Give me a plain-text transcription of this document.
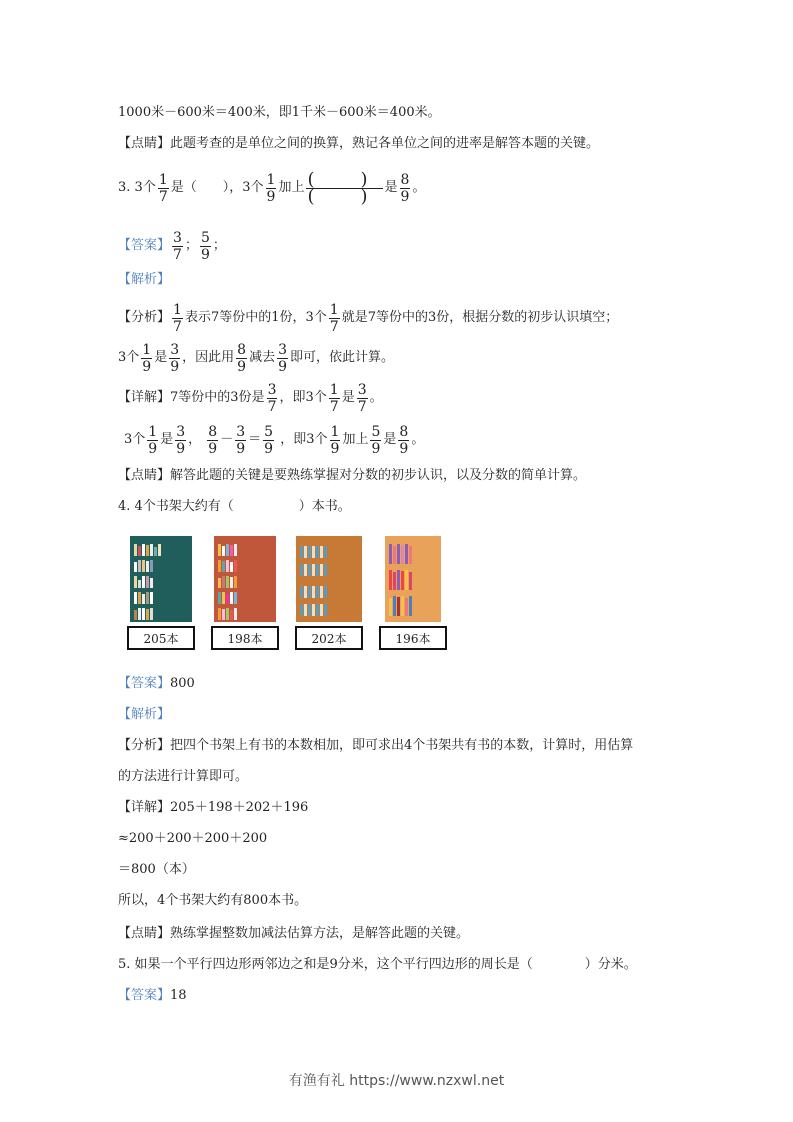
1000米－600米＝400米，即1千米－600米＝400米。
【点睛】 此题考查的是单位之间的换算，熟记各单位之间的进率是解答本题的关键。
3.
3个 $\frac{1}{7}$ 是（　　），3个 $\frac{1}{9}$ 加上 $\frac{( )}{( )}$ 是 $\frac{8}{9}$ 。
【答案】 $\frac{3}{7}$ ； $\frac{5}{9}$ ；
【解析】
【分析】 $\frac{1}{7}$ 表示7等份中的1份，3个 $\frac{1}{7}$ 就是7等份中的3份，根据分数的初步认识填空；
3个 $\frac{1}{9}$ 是 $\frac{3}{9}$ ，因此用 $\frac{8}{9}$ 减去 $\frac{3}{9}$ 即可，依此计算。
【详解】 7等份中的3份是 $\frac{3}{7}$ ，即3个 $\frac{1}{7}$ 是 $\frac{3}{7}$ 。
3个 $\frac{1}{9}$ 是 $\frac{3}{9}$ ，
$\frac{8}{9} - \frac{3}{9} = \frac{5}{9}$
，即3个 $\frac{1}{9}$ 加上 $\frac{5}{9}$ 是 $\frac{8}{9}$ 。
【点睛】 解答此题的关键是要熟练掌握对分数的初步认识，以及分数的简单计算。
4. 4个书架大约有（　　　　　）本书。
205本	198本	202本	196本
【答案】 800
【解析】
【分析】 把四个书架上有书的本数相加，即可求出4个书架共有书的本数，计算时，用估算
的方法进行计算即可。
【详解】 205＋198＋202＋196
≈200＋200＋200＋200
＝800（本）
所以，4个书架大约有800本书。
【点睛】 熟练掌握整数加减法估算方法，是解答此题的关键。
5. 如果一个平行四边形两邻边之和是9分米，这个平行四边形的周长是（　　　　）分米。
【答案】 18
有渔有礼 https://www.nzxwl.net
